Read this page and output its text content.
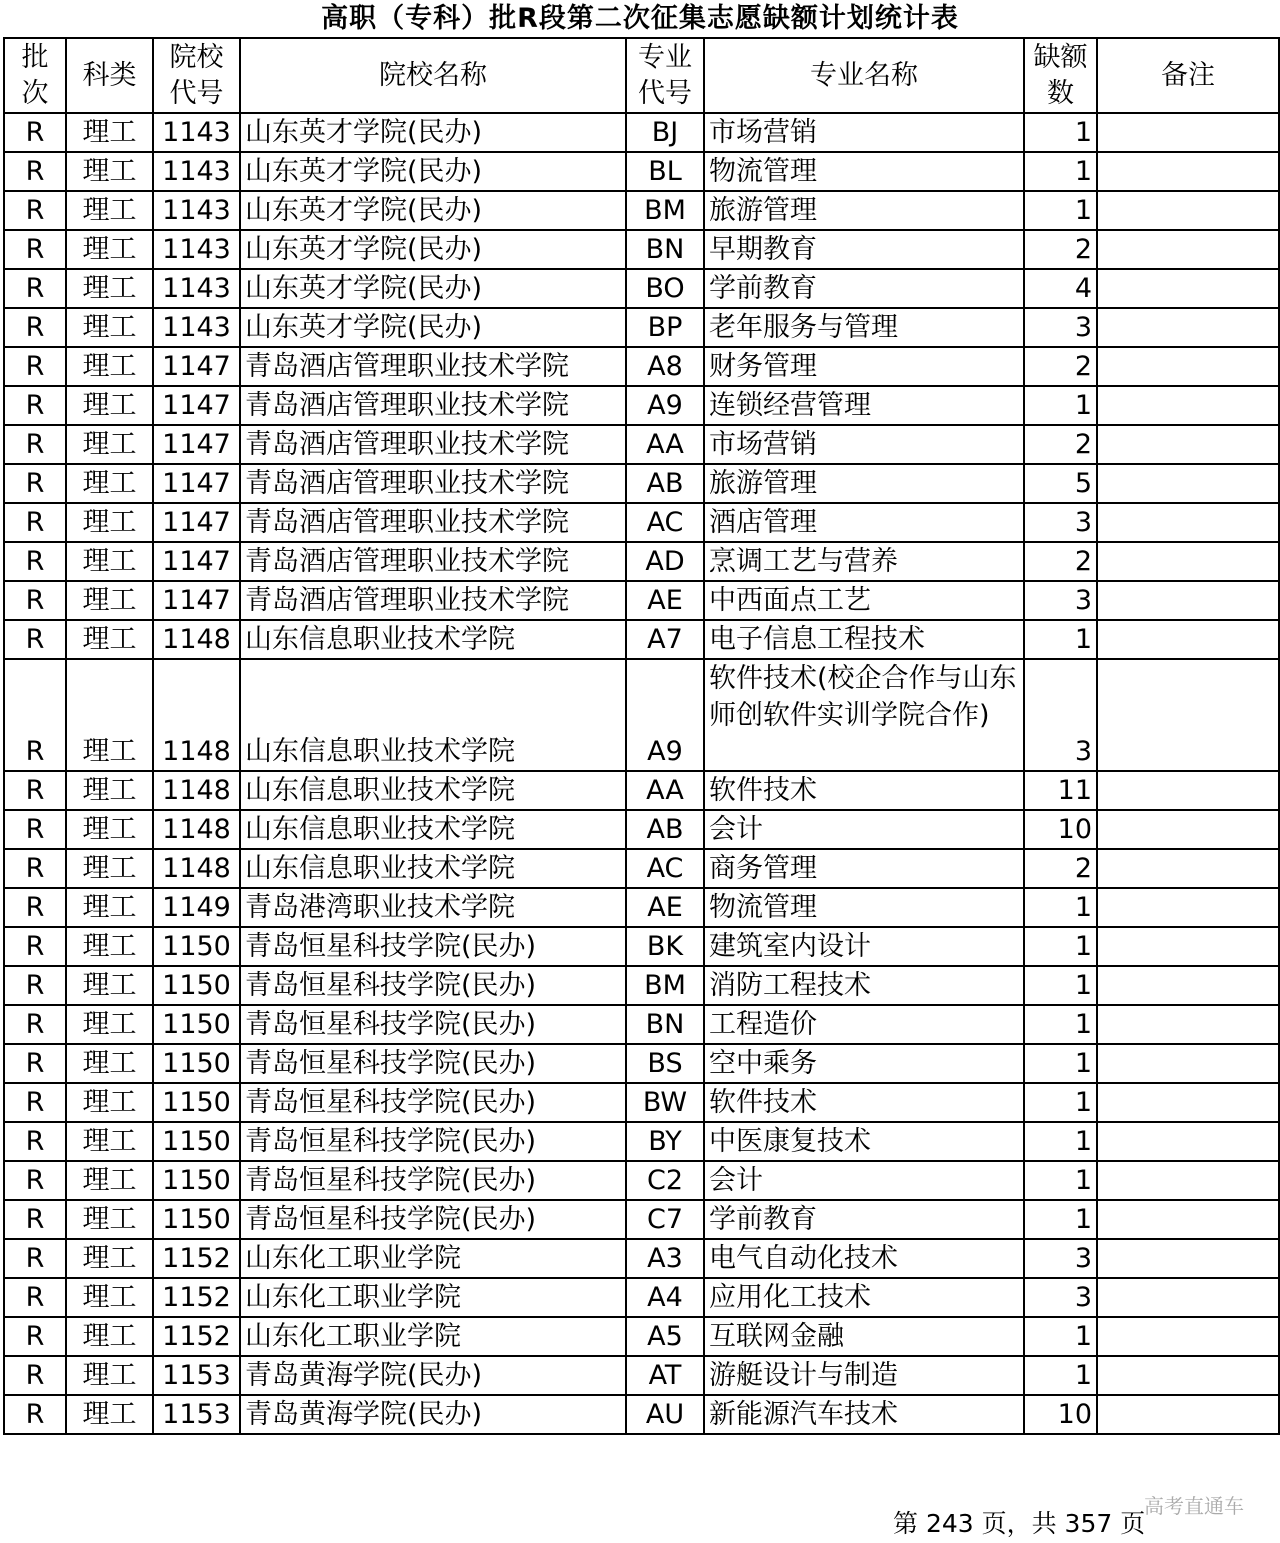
高职（专科）批R段第二次征集志愿缺额计划统计表
批次	科类	院校代号	院校名称	专业代号	专业名称	缺额数	备注
R	理工	1143	山东英才学院(民办)	BJ	市场营销	1	
R	理工	1143	山东英才学院(民办)	BL	物流管理	1	
R	理工	1143	山东英才学院(民办)	BM	旅游管理	1	
R	理工	1143	山东英才学院(民办)	BN	早期教育	2	
R	理工	1143	山东英才学院(民办)	BO	学前教育	4	
R	理工	1143	山东英才学院(民办)	BP	老年服务与管理	3	
R	理工	1147	青岛酒店管理职业技术学院	A8	财务管理	2	
R	理工	1147	青岛酒店管理职业技术学院	A9	连锁经营管理	1	
R	理工	1147	青岛酒店管理职业技术学院	AA	市场营销	2	
R	理工	1147	青岛酒店管理职业技术学院	AB	旅游管理	5	
R	理工	1147	青岛酒店管理职业技术学院	AC	酒店管理	3	
R	理工	1147	青岛酒店管理职业技术学院	AD	烹调工艺与营养	2	
R	理工	1147	青岛酒店管理职业技术学院	AE	中西面点工艺	3	
R	理工	1148	山东信息职业技术学院	A7	电子信息工程技术	1	
R	理工	1148	山东信息职业技术学院	A9	软件技术(校企合作与山东师创软件实训学院合作)	3	
R	理工	1148	山东信息职业技术学院	AA	软件技术	11	
R	理工	1148	山东信息职业技术学院	AB	会计	10	
R	理工	1148	山东信息职业技术学院	AC	商务管理	2	
R	理工	1149	青岛港湾职业技术学院	AE	物流管理	1	
R	理工	1150	青岛恒星科技学院(民办)	BK	建筑室内设计	1	
R	理工	1150	青岛恒星科技学院(民办)	BM	消防工程技术	1	
R	理工	1150	青岛恒星科技学院(民办)	BN	工程造价	1	
R	理工	1150	青岛恒星科技学院(民办)	BS	空中乘务	1	
R	理工	1150	青岛恒星科技学院(民办)	BW	软件技术	1	
R	理工	1150	青岛恒星科技学院(民办)	BY	中医康复技术	1	
R	理工	1150	青岛恒星科技学院(民办)	C2	会计	1	
R	理工	1150	青岛恒星科技学院(民办)	C7	学前教育	1	
R	理工	1152	山东化工职业学院	A3	电气自动化技术	3	
R	理工	1152	山东化工职业学院	A4	应用化工技术	3	
R	理工	1152	山东化工职业学院	A5	互联网金融	1	
R	理工	1153	青岛黄海学院(民办)	AT	游艇设计与制造	1	
R	理工	1153	青岛黄海学院(民办)	AU	新能源汽车技术	10	
高考直通车
第 243 页，共 357 页
